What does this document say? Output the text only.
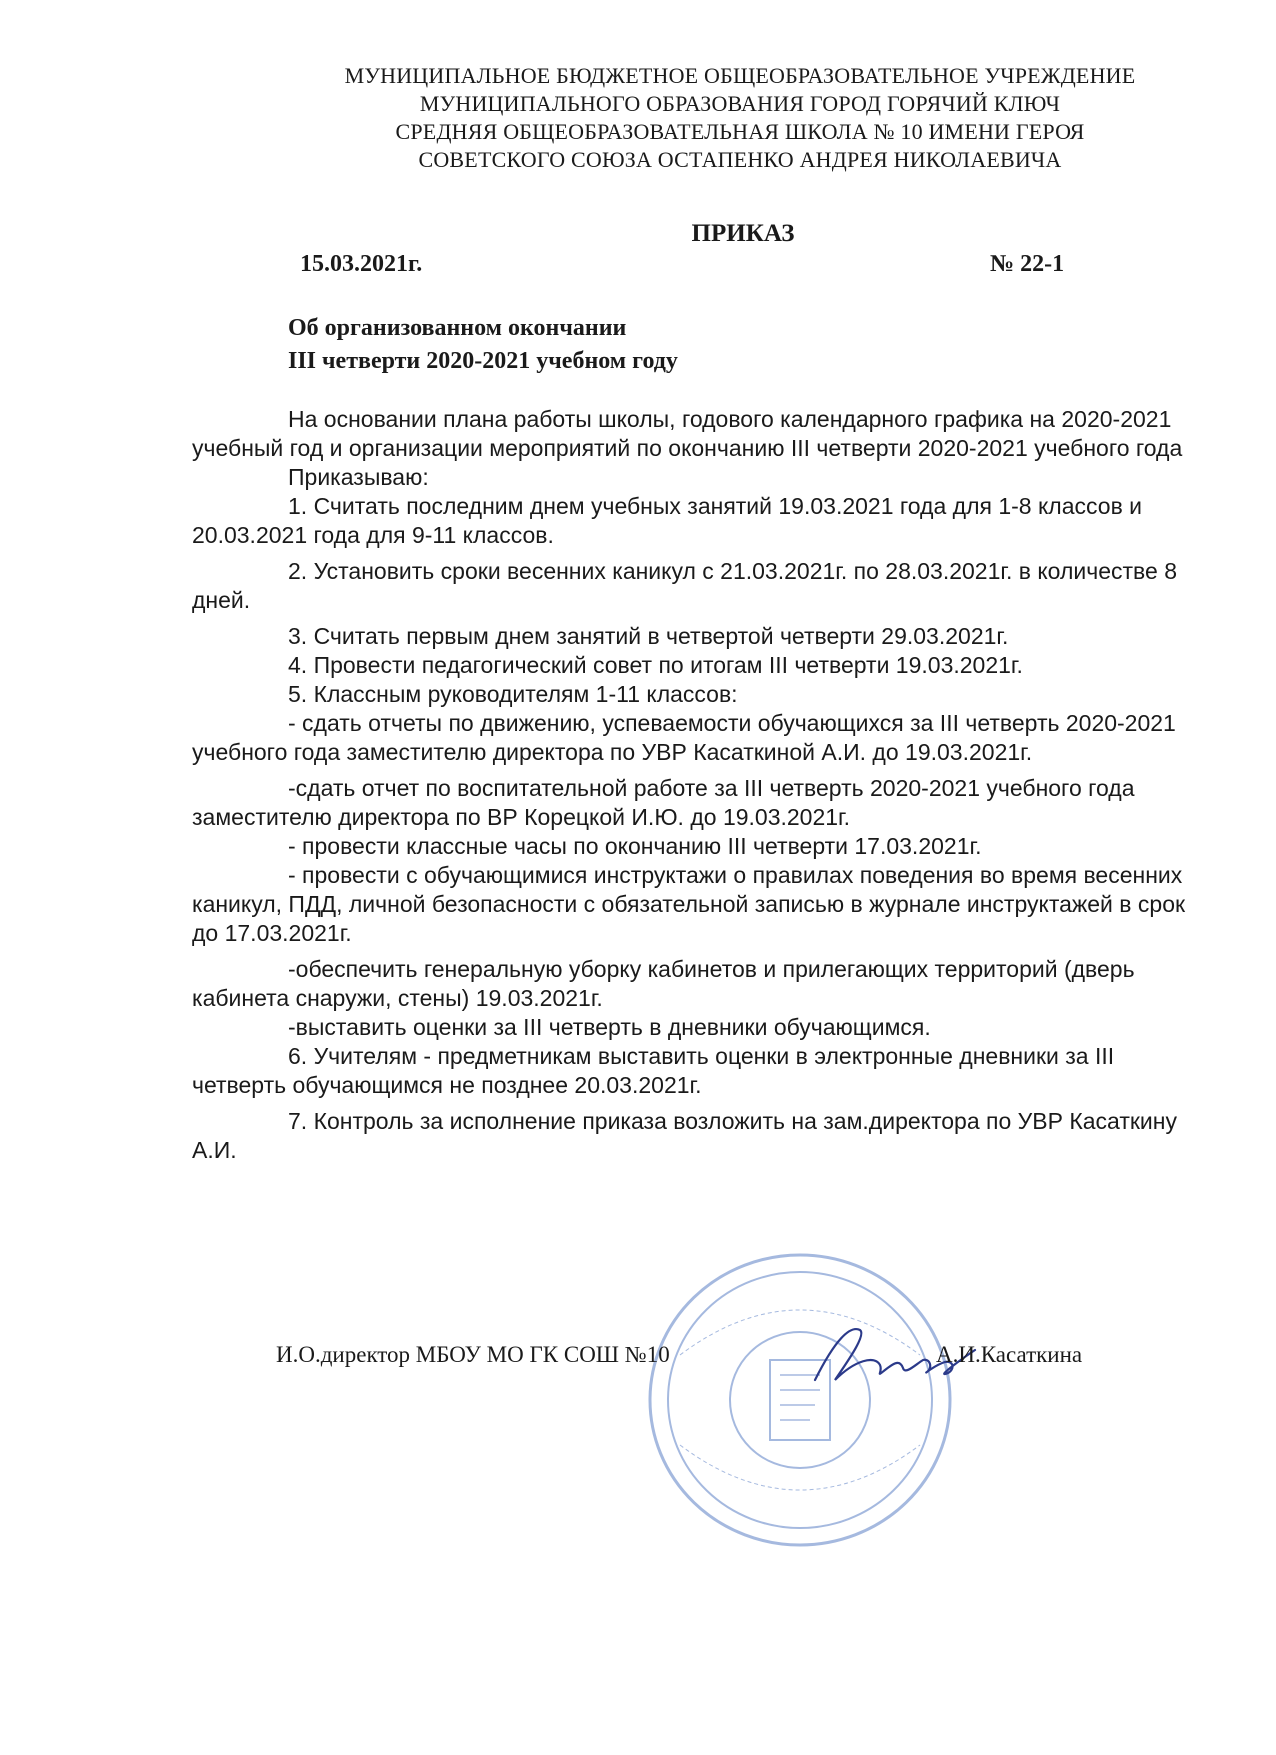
МУНИЦИПАЛЬНОЕ БЮДЖЕТНОЕ ОБЩЕОБРАЗОВАТЕЛЬНОЕ УЧРЕЖДЕНИЕ
МУНИЦИПАЛЬНОГО ОБРАЗОВАНИЯ ГОРОД ГОРЯЧИЙ КЛЮЧ
СРЕДНЯЯ ОБЩЕОБРАЗОВАТЕЛЬНАЯ ШКОЛА № 10 ИМЕНИ ГЕРОЯ
СОВЕТСКОГО СОЮЗА ОСТАПЕНКО АНДРЕЯ НИКОЛАЕВИЧА
ПРИКАЗ
15.03.2021г.	№ 22-1
Об организованном окончании
III четверти 2020-2021 учебном году

На основании плана работы школы, годового календарного графика на 2020-2021 учебный год и организации мероприятий по окончанию III четверти 2020-2021 учебного года

Приказываю:

1. Считать последним днем учебных занятий 19.03.2021 года для 1-8 классов и 20.03.2021 года для 9-11 классов.

2. Установить сроки весенних каникул с 21.03.2021г. по 28.03.2021г. в количестве 8 дней.

3. Считать первым днем занятий в четвертой четверти 29.03.2021г.

4. Провести педагогический совет по итогам III четверти 19.03.2021г.

5. Классным руководителям 1-11 классов:

- сдать отчеты по движению, успеваемости обучающихся за III четверть 2020-2021 учебного года заместителю директора по УВР Касаткиной А.И. до 19.03.2021г.

-сдать отчет по воспитательной работе за III четверть 2020-2021 учебного года заместителю директора по ВР Корецкой И.Ю. до 19.03.2021г.

- провести классные часы по окончанию III четверти 17.03.2021г.

- провести с обучающимися инструктажи о правилах поведения во время весенних каникул, ПДД, личной безопасности с обязательной записью в журнале инструктажей в срок до 17.03.2021г.

-обеспечить генеральную уборку кабинетов и прилегающих территорий (дверь кабинета снаружи, стены) 19.03.2021г.

-выставить оценки за III четверть в дневники обучающимся.

6. Учителям - предметникам выставить оценки в электронные дневники за III четверть обучающимся не позднее 20.03.2021г.

7. Контроль за исполнение приказа возложить на зам.директора по УВР Касаткину А.И.

И.О.директор МБОУ МО ГК СОШ №10	А.И.Касаткина
